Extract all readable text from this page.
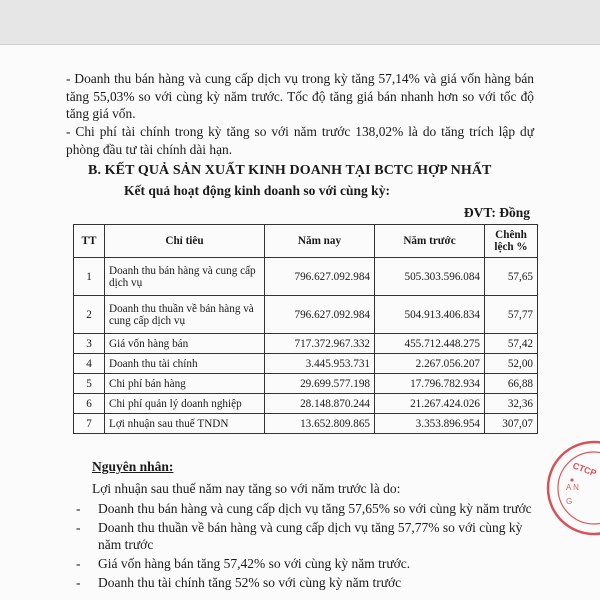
- Doanh thu bán hàng và cung cấp dịch vụ trong kỳ tăng 57,14% và giá vốn hàng bán tăng 55,03% so với cùng kỳ năm trước. Tốc độ tăng giá bán nhanh hơn so với tốc độ tăng giá vốn.
- Chi phí tài chính trong kỳ tăng so với năm trước 138,02% là do tăng trích lập dự phòng đầu tư tài chính dài hạn.
B. KẾT QUẢ SẢN XUẤT KINH DOANH TẠI BCTC HỢP NHẤT
Kết quả hoạt động kinh doanh so với cùng kỳ:
ĐVT: Đồng
TT	Chỉ tiêu	Năm nay	Năm trước	Chênh lệch %
1	Doanh thu bán hàng và cung cấp dịch vụ	796.627.092.984	505.303.596.084	57,65
2	Doanh thu thuần về bán hàng và cung cấp dịch vụ	796.627.092.984	504.913.406.834	57,77
3	Giá vốn hàng bán	717.372.967.332	455.712.448.275	57,42
4	Doanh thu tài chính	3.445.953.731	2.267.056.207	52,00
5	Chi phí bán hàng	29.699.577.198	17.796.782.934	66,88
6	Chi phí quản lý doanh nghiệp	28.148.870.244	21.267.424.026	32,36
7	Lợi nhuận sau thuế TNDN	13.652.809.865	3.353.896.954	307,07
Nguyên nhân:
Lợi nhuận sau thuế năm nay tăng so với năm trước là do:
- Doanh thu bán hàng và cung cấp dịch vụ tăng 57,65% so với cùng kỳ năm trước
- Doanh thu thuần về bán hàng và cung cấp dịch vụ tăng 57,77% so với cùng kỳ năm trước
- Giá vốn hàng bán tăng 57,42% so với cùng kỳ năm trước.
- Doanh thu tài chính tăng 52% so với cùng kỳ năm trước
CTCP
A N
G
